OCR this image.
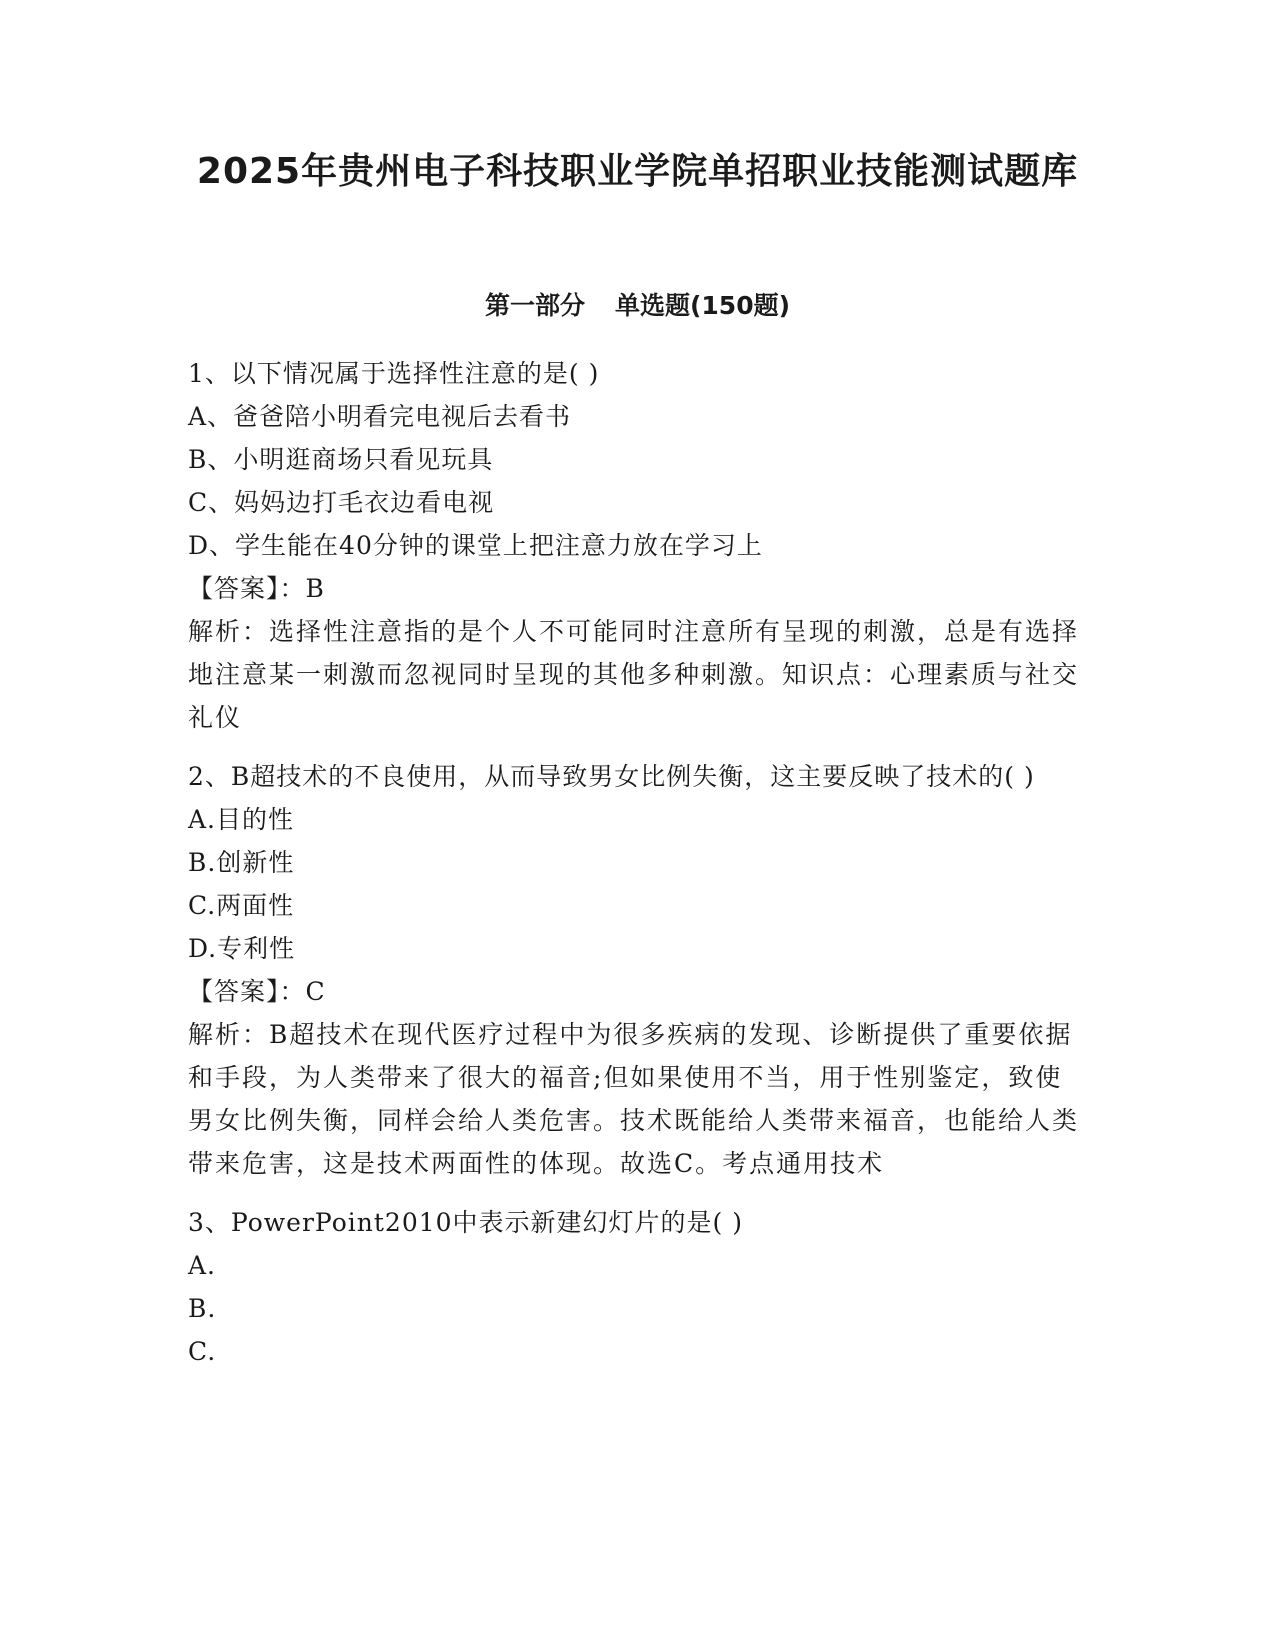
2025年贵州电子科技职业学院单招职业技能测试题库
第一部分 单选题(150题)

1、以下情况属于选择性注意的是( )

A、爸爸陪小明看完电视后去看书

B、小明逛商场只看见玩具

C、妈妈边打毛衣边看电视

D、学生能在40分钟的课堂上把注意力放在学习上

【答案】：B

解析：选择性注意指的是个人不可能同时注意所有呈现的刺激，总是有选择地注意某一刺激而忽视同时呈现的其他多种刺激。知识点：心理素质与社交礼仪

2、B超技术的不良使用，从而导致男女比例失衡，这主要反映了技术的( )

A.目的性

B.创新性

C.两面性

D.专利性

【答案】：C

解析：B超技术在现代医疗过程中为很多疾病的发现、诊断提供了重要依据和手段，为人类带来了很大的福音;但如果使用不当，用于性别鉴定，致使男女比例失衡，同样会给人类危害。技术既能给人类带来福音，也能给人类带来危害，这是技术两面性的体现。故选C。考点通用技术

3、PowerPoint2010中表示新建幻灯片的是( )

A.

B.

C.
